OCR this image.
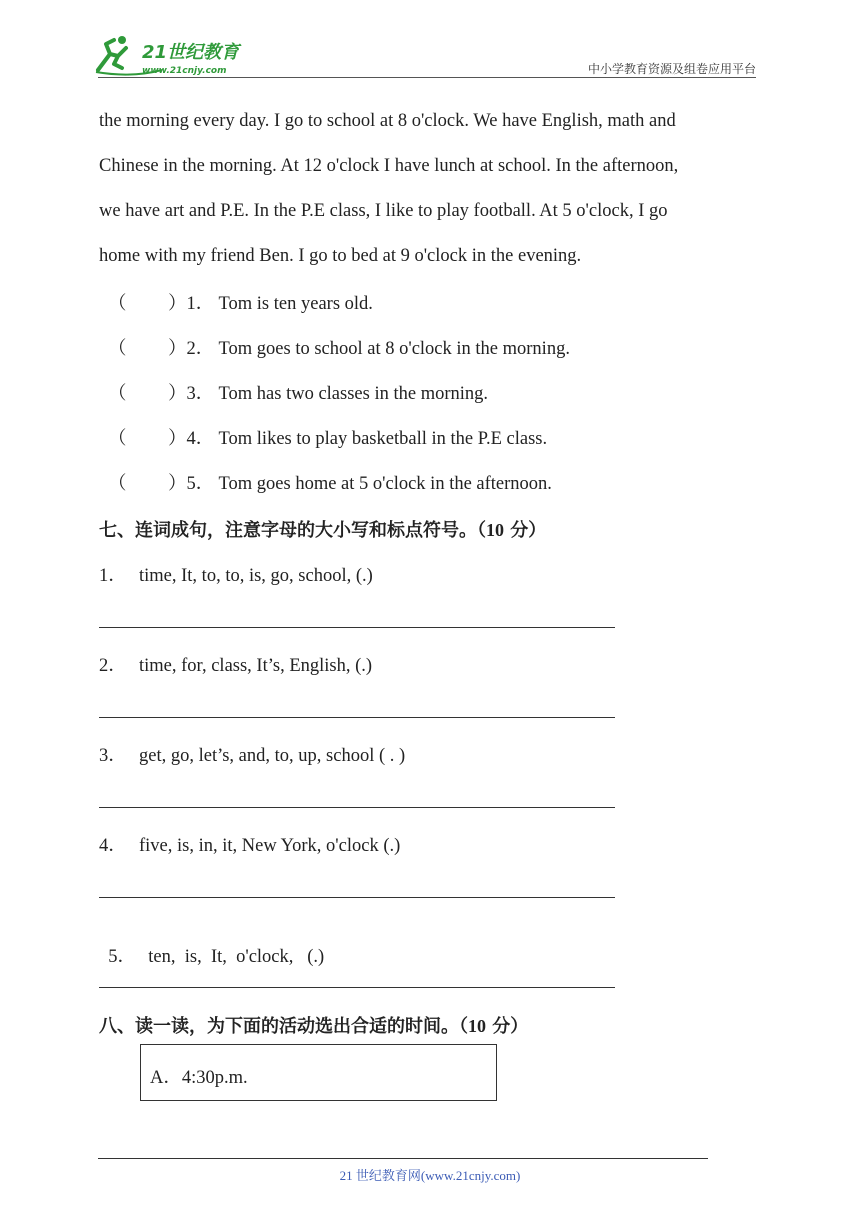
21世纪教育
www.21cnjy.com	中小学教育资源及组卷应用平台
the morning every day. I go to school at 8 o'clock. We have English, math and
Chinese in the morning. At 12 o'clock I have lunch at school. In the afternoon,
we have art and P.E. In the P.E class, I like to play football. At 5 o'clock, I go
home with my friend Ben. I go to bed at 9 o'clock in the evening.
（ ）1． Tom is ten years old.
（ ）2． Tom goes to school at 8 o'clock in the morning.
（ ）3． Tom has two classes in the morning.
（ ）4． Tom likes to play basketball in the P.E class.
（ ）5． Tom goes home at 5 o'clock in the afternoon.
七、连词成句，注意字母的大小写和标点符号。（10 分）
1． time, It, to, to, is, go, school, (.)
2． time, for, class, It’s, English, (.)
3． get, go, let’s, and, to, up, school ( . )
4． five, is, in, it, New York, o'clock (.)

5． ten,  is,  It,  o'clock,   (.)

八、读一读，为下面的活动选出合适的时间。（10 分）
A．4:30p.m.
21 世纪教育网(www.21cnjy.com)
